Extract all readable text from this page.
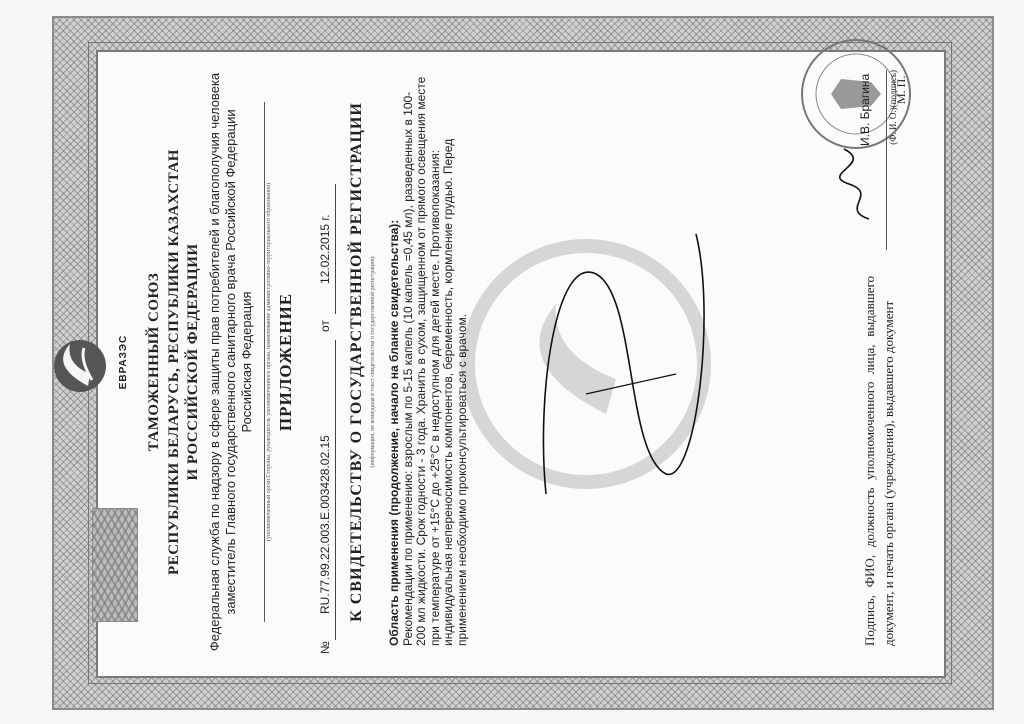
ЕВРАЗЭС ТАМОЖЕННЫЙ СОЮЗ РЕСПУБЛИКИ БЕЛАРУСЬ, РЕСПУБЛИКИ КАЗАХСТАН И РОССИЙСКОЙ ФЕДЕРАЦИИ Федеральная служба по надзору в сфере защиты прав потребителей и благополучия человека заместитель Главного государственного санитарного врача Российской Федерации Российская Федерация	(уполномоченный орган Стороны, руководитель уполномоченного органа, наименование административно-территориального образования) ПРИЛОЖЕНИЕ	К СВИДЕТЕЛЬСТВУ О ГОСУДАРСТВЕННОЙ РЕГИСТРАЦИИ
№
RU.77.99.22.003.E.003428.02.15
от
12.02.2015 г.
(информация, не вошедшая в текст свидетельства о государственной регистрации) Область применения (продолжение, начало на бланке свидетельства): Рекомендации по применению: взрослым по 5-15 капель (10 капель =0,45 мл), разведенных в 100-200 мл жидкости. Срок годности - 3 года. Хранить в сухом, защищенном от прямого освещения месте при температуре от +15°С до +25°С в недоступном для детей месте. Противопоказания: индивидуальная непереносимость компонентов, беременность, кормление грудью. Перед применением необходимо проконсультироваться с врачом.	Подпись, ФИО, должность уполномоченного лица, выдавшего документ, и печать органа (учреждения), выдавшего документ
И.В. Брагина (Ф. И. О.)(подпись)
М. П.
